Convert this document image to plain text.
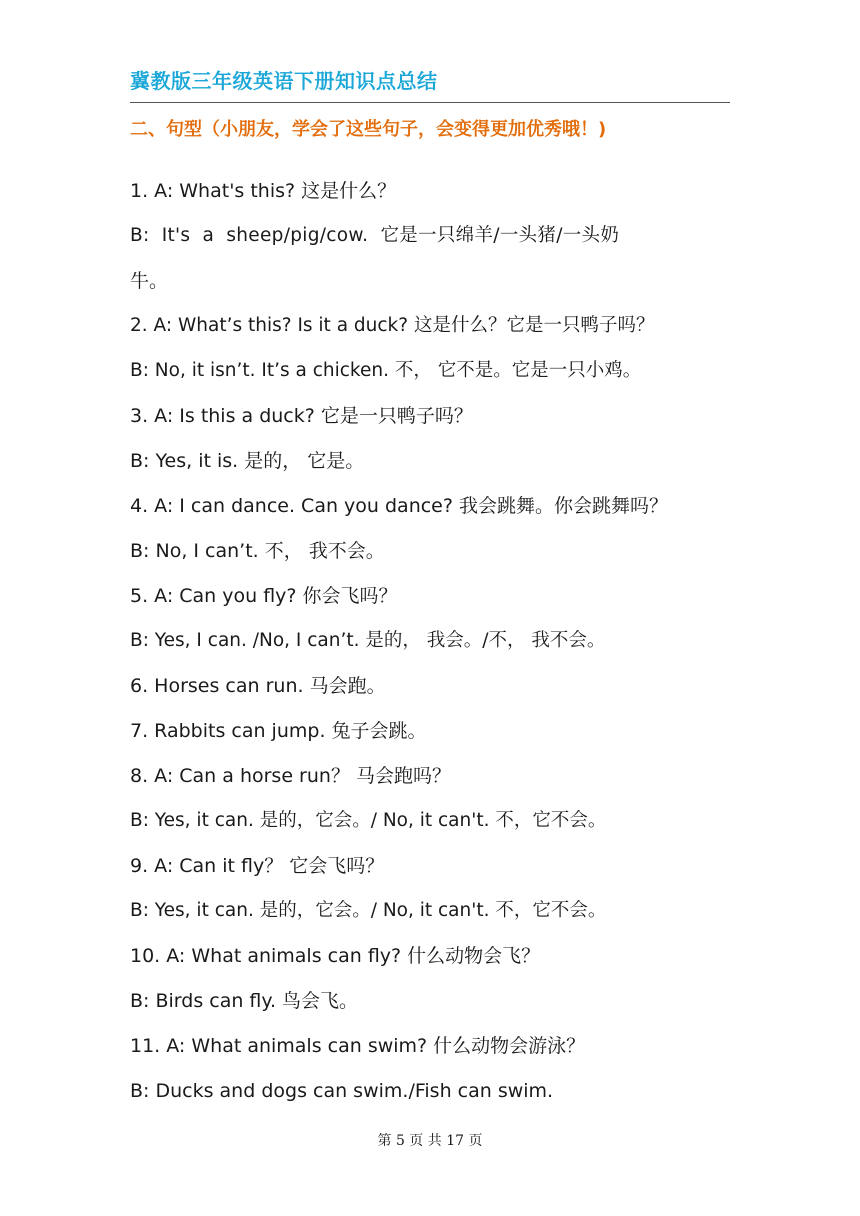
冀教版三年级英语下册知识点总结
二、句型（小朋友，学会了这些句子，会变得更加优秀哦！)
1. A: What's this? 这是什么？
B: It's a sheep/pig/cow. 它是一只绵羊/一头猪/一头奶
牛。
2. A: What’s this? Is it a duck? 这是什么？它是一只鸭子吗？
B: No, it isn’t. It’s a chicken. 不， 它不是。它是一只小鸡。
3. A: Is this a duck? 它是一只鸭子吗？
B: Yes, it is. 是的， 它是。
4. A: I can dance. Can you dance? 我会跳舞。你会跳舞吗？
B: No, I can’t. 不， 我不会。
5. A: Can you fly? 你会飞吗？
B: Yes, I can. /No, I can’t. 是的， 我会。/不， 我不会。
6. Horses can run. 马会跑。
7. Rabbits can jump. 兔子会跳。
8. A: Can a horse run？ 马会跑吗？
B: Yes, it can. 是的，它会。/ No, it can't. 不，它不会。
9. A: Can it fly？ 它会飞吗？
B: Yes, it can. 是的，它会。/ No, it can't. 不，它不会。
10. A: What animals can fly? 什么动物会飞？
B: Birds can fly. 鸟会飞。
11. A: What animals can swim? 什么动物会游泳？
B: Ducks and dogs can swim./Fish can swim.
第 5 页 共 17 页
